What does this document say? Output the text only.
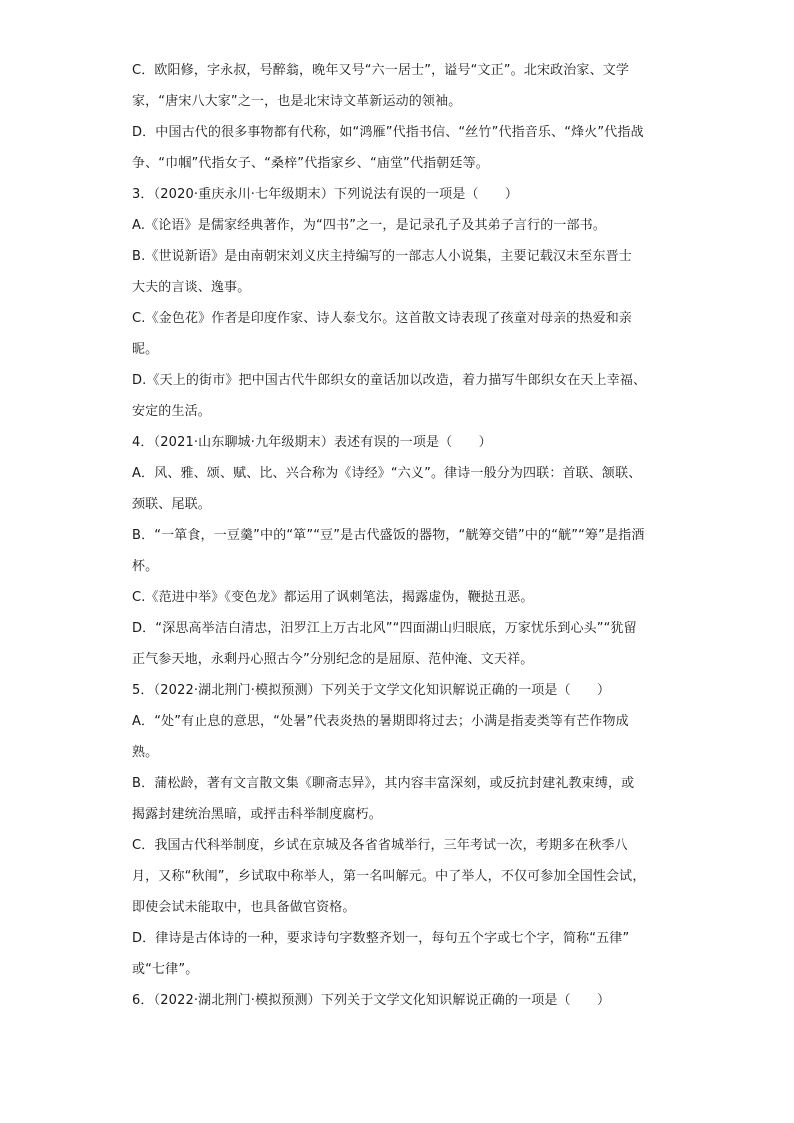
C．欧阳修，字永叔，号醉翁，晚年又号“六一居士”，谥号“文正”。北宋政治家、文学
家，“唐宋八大家”之一，也是北宋诗文革新运动的领袖。
D．中国古代的很多事物都有代称，如“鸿雁”代指书信、“丝竹”代指音乐、“烽火”代指战
争、“巾帼”代指女子、“桑梓”代指家乡、“庙堂”代指朝廷等。
3．（2020·重庆永川·七年级期末）下列说法有误的一项是（　　）
A.《论语》是儒家经典著作，为“四书”之一，是记录孔子及其弟子言行的一部书。
B.《世说新语》是由南朝宋刘义庆主持编写的一部志人小说集，主要记载汉末至东晋士
大夫的言谈、逸事。
C.《金色花》作者是印度作家、诗人泰戈尔。这首散文诗表现了孩童对母亲的热爱和亲
昵。
D.《天上的街市》把中国古代牛郎织女的童话加以改造，着力描写牛郎织女在天上幸福、
安定的生活。
4．（2021·山东聊城·九年级期末）表述有误的一项是（　　）
A．风、雅、颂、赋、比、兴合称为《诗经》“六义”。律诗一般分为四联：首联、颔联、
颈联、尾联。
B．“一箪食，一豆羹”中的“箪”“豆”是古代盛饭的器物，“觥筹交错”中的“觥”“筹”是指酒
杯。
C.《范进中举》《变色龙》都运用了讽刺笔法，揭露虚伪，鞭挞丑恶。
D．“深思高举洁白清忠，汨罗江上万古北风”“四面湖山归眼底，万家忧乐到心头”“犹留
正气参天地，永剩丹心照古今”分别纪念的是屈原、范仲淹、文天祥。
5．（2022·湖北荆门·模拟预测）下列关于文学文化知识解说正确的一项是（　　）
A．“处”有止息的意思，“处暑”代表炎热的暑期即将过去；小满是指麦类等有芒作物成
熟。
B．蒲松龄，著有文言散文集《聊斋志异》，其内容丰富深刻，或反抗封建礼教束缚，或
揭露封建统治黑暗，或抨击科举制度腐朽。
C．我国古代科举制度，乡试在京城及各省省城举行，三年考试一次，考期多在秋季八
月，又称“秋闱”，乡试取中称举人，第一名叫解元。中了举人，不仅可参加全国性会试，
即使会试未能取中，也具备做官资格。
D．律诗是古体诗的一种，要求诗句字数整齐划一，每句五个字或七个字，简称“五律”
或“七律”。
6．（2022·湖北荆门·模拟预测）下列关于文学文化知识解说正确的一项是（　　）
